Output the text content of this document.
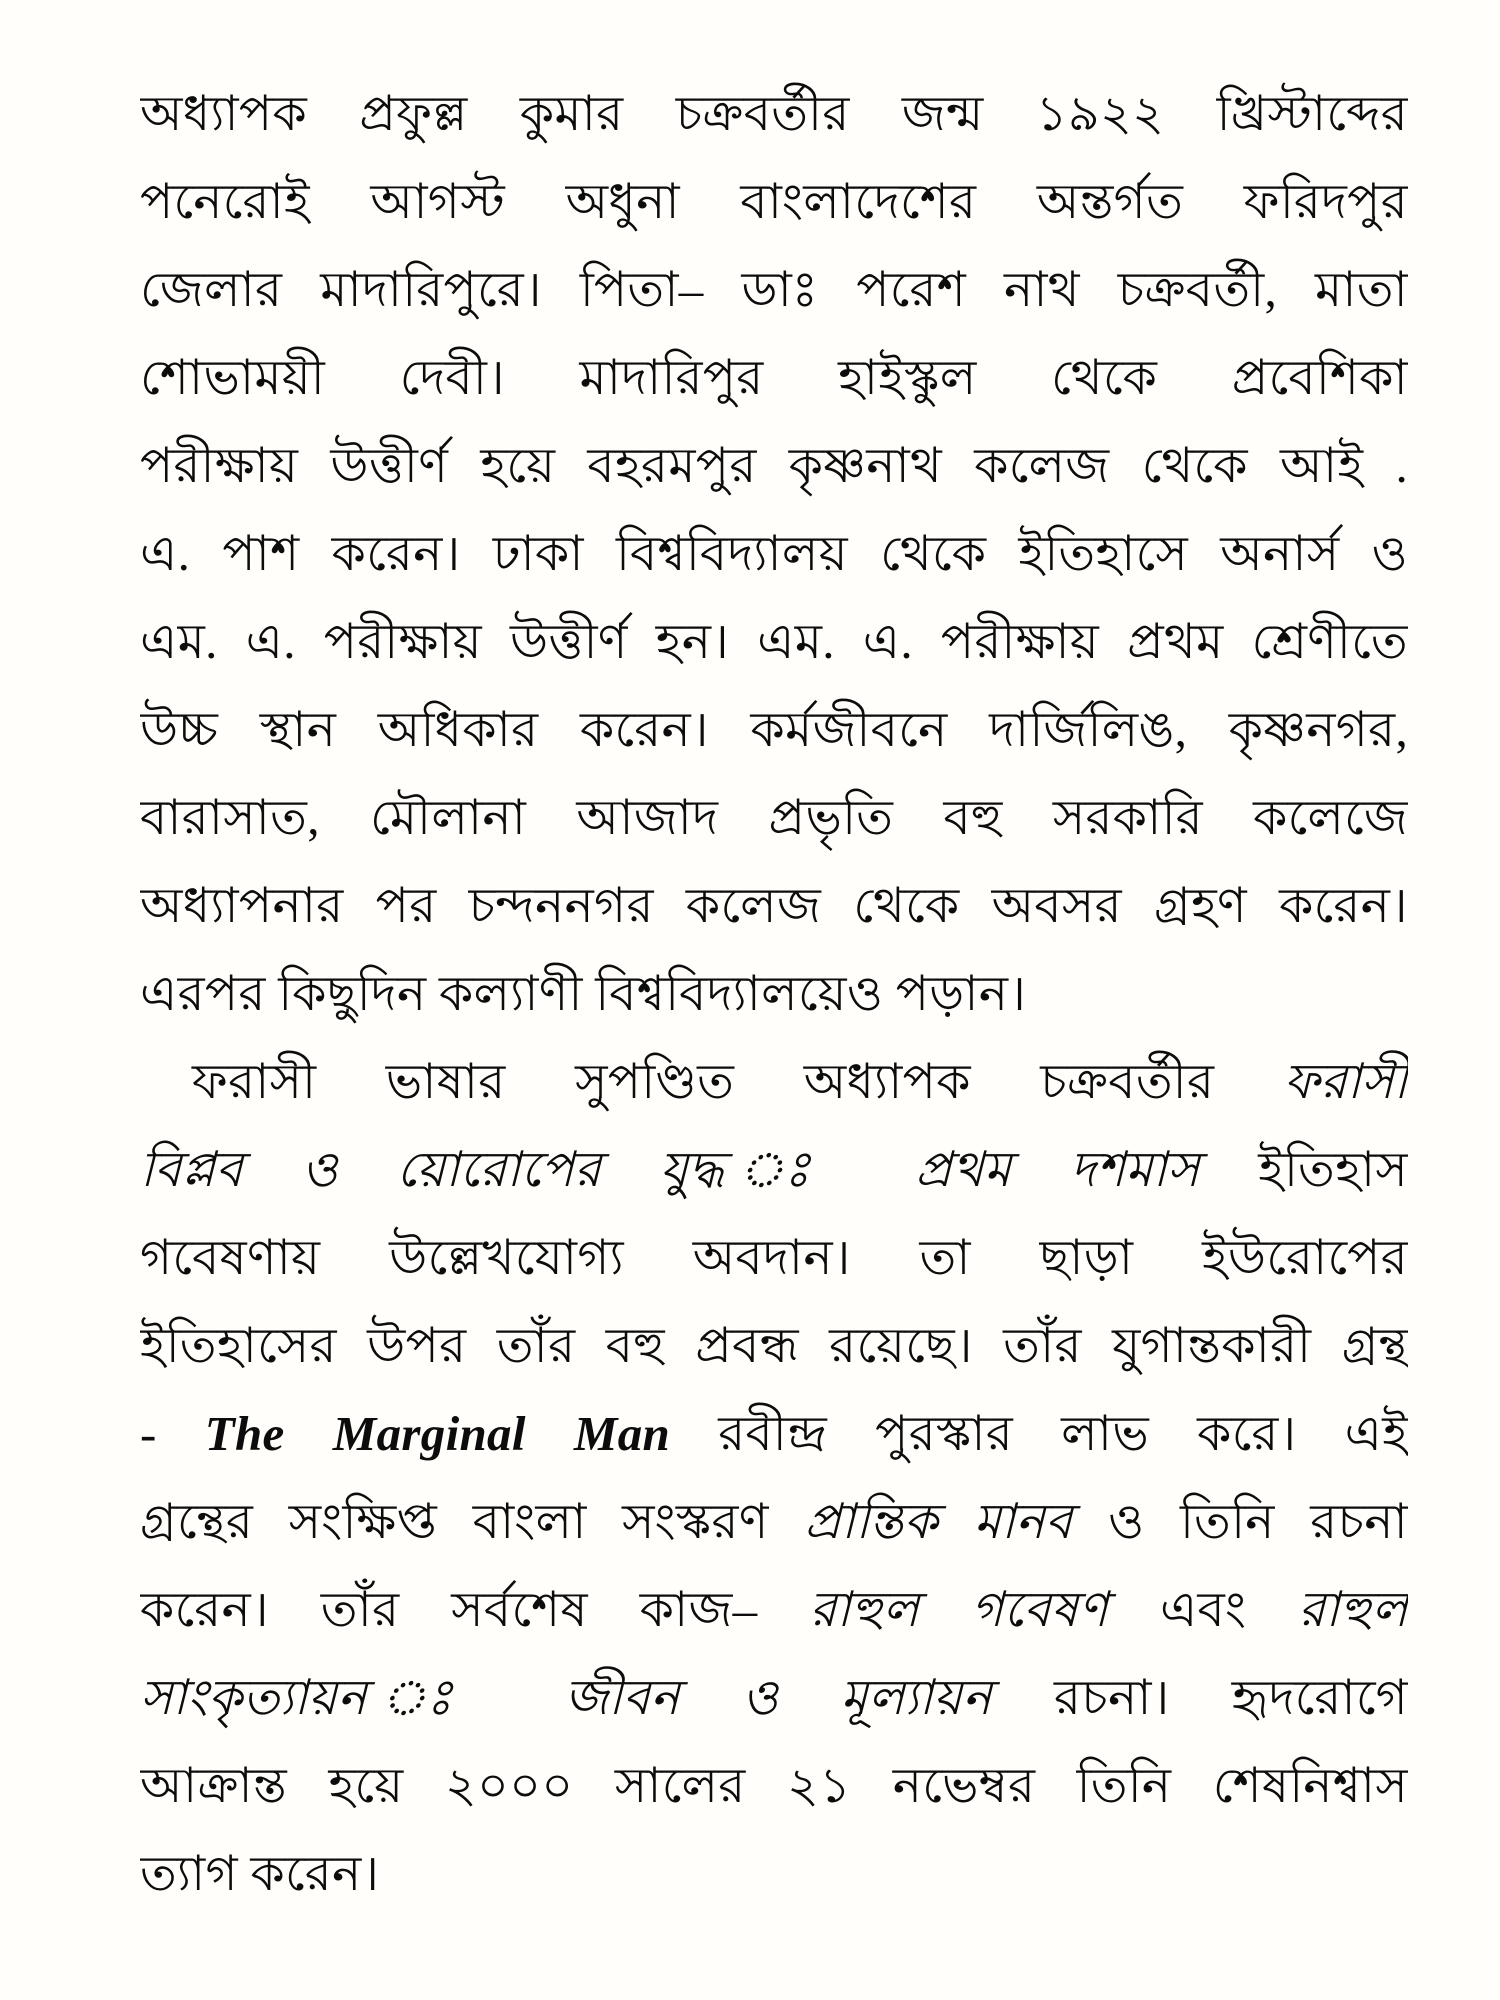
অধ্যাপক প্রফুল্ল কুমার চক্রবর্তীর জন্ম ১৯২২ খ্রিস্টাব্দের
পনেরোই আগস্ট অধুনা বাংলাদেশের অন্তর্গত ফরিদপুর
জেলার মাদারিপুরে। পিতা– ডাঃ পরেশ নাথ চক্রবর্তী, মাতা
শোভাময়ী দেবী। মাদারিপুর হাইস্কুল থেকে প্রবেশিকা
পরীক্ষায় উত্তীর্ণ হয়ে বহরমপুর কৃষ্ণনাথ কলেজ থেকে আই .
এ. পাশ করেন। ঢাকা বিশ্ববিদ্যালয় থেকে ইতিহাসে অনার্স ও
এম. এ. পরীক্ষায় উত্তীর্ণ হন। এম. এ. পরীক্ষায় প্রথম শ্রেণীতে
উচ্চ স্থান অধিকার করেন। কর্মজীবনে দার্জিলিঙ, কৃষ্ণনগর,
বারাসাত, মৌলানা আজাদ প্রভৃতি বহু সরকারি কলেজে
অধ্যাপনার পর চন্দননগর কলেজ থেকে অবসর গ্রহণ করেন।
এরপর কিছুদিন কল্যাণী বিশ্ববিদ্যালয়েও পড়ান।
ফরাসী ভাষার সুপণ্ডিত অধ্যাপক চক্রবর্তীর ফরাসী
বিপ্লব ও য়োরোপের যুদ্ধ ঃ প্রথম দশমাস ইতিহাস
গবেষণায় উল্লেখযোগ্য অবদান। তা ছাড়া ইউরোপের
ইতিহাসের উপর তাঁর বহু প্রবন্ধ রয়েছে। তাঁর যুগান্তকারী গ্রন্থ
- The Marginal Man রবীন্দ্র পুরস্কার লাভ করে। এই
গ্রন্থের সংক্ষিপ্ত বাংলা সংস্করণ প্রান্তিক মানব ও তিনি রচনা
করেন। তাঁর সর্বশেষ কাজ– রাহুল গবেষণ এবং রাহুল
সাংকৃত্যায়ন ঃ জীবন ও মূল্যায়ন রচনা। হৃদরোগে
আক্রান্ত হয়ে ২০০০ সালের ২১ নভেম্বর তিনি শেষনিশ্বাস
ত্যাগ করেন।
